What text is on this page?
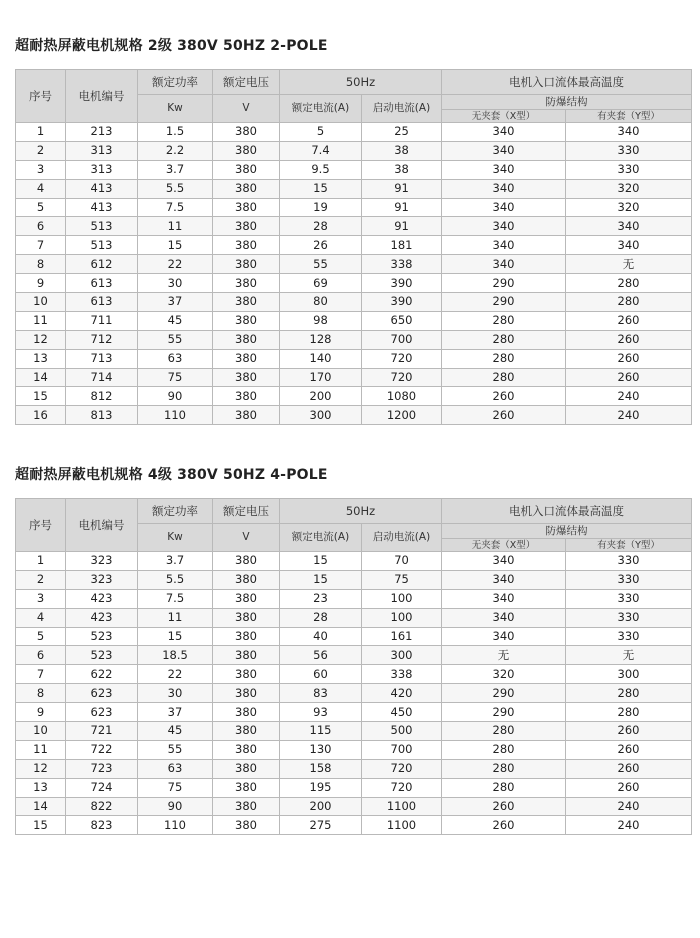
超耐热屏蔽电机规格 2级 380V 50HZ 2-POLE
序号	电机编号	额定功率	额定电压	50Hz		电机入口流体最高温度	
		Kw	V	额定电流(A)	启动电流(A)	防爆结构	
						无夹套（X型）	有夹套（Y型）
1	213	1.5	380	5	25	340	340
2	313	2.2	380	7.4	38	340	330
3	313	3.7	380	9.5	38	340	330
4	413	5.5	380	15	91	340	320
5	413	7.5	380	19	91	340	320
6	513	11	380	28	91	340	340
7	513	15	380	26	181	340	340
8	612	22	380	55	338	340	无
9	613	30	380	69	390	290	280
10	613	37	380	80	390	290	280
11	711	45	380	98	650	280	260
12	712	55	380	128	700	280	260
13	713	63	380	140	720	280	260
14	714	75	380	170	720	280	260
15	812	90	380	200	1080	260	240
16	813	110	380	300	1200	260	240
超耐热屏蔽电机规格 4级 380V 50HZ 4-POLE
序号	电机编号	额定功率	额定电压	50Hz		电机入口流体最高温度	
		Kw	V	额定电流(A)	启动电流(A)	防爆结构	
						无夹套（X型）	有夹套（Y型）
1	323	3.7	380	15	70	340	330
2	323	5.5	380	15	75	340	330
3	423	7.5	380	23	100	340	330
4	423	11	380	28	100	340	330
5	523	15	380	40	161	340	330
6	523	18.5	380	56	300	无	无
7	622	22	380	60	338	320	300
8	623	30	380	83	420	290	280
9	623	37	380	93	450	290	280
10	721	45	380	115	500	280	260
11	722	55	380	130	700	280	260
12	723	63	380	158	720	280	260
13	724	75	380	195	720	280	260
14	822	90	380	200	1100	260	240
15	823	110	380	275	1100	260	240
